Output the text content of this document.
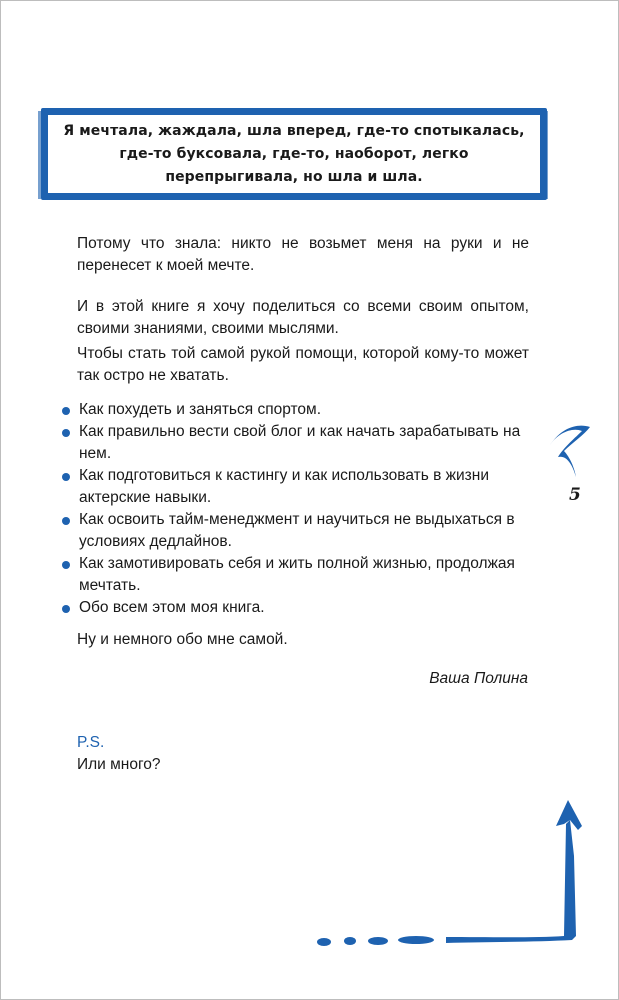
Я мечтала, жаждала, шла вперед, где-то спотыкалась,
где-то буксовала, где-то, наоборот, легко
перепрыгивала, но шла и шла.

Потому что знала: никто не возьмет меня на руки и не перенесет к моей мечте.

И в этой книге я хочу поделиться со всеми своим опытом, своими знаниями, своими мыслями.

Чтобы стать той самой рукой помощи, которой кому-то может так остро не хватать.

Как похудеть и заняться спортом.
Как правильно вести свой блог и как начать зарабатывать на нем.
Как подготовиться к кастингу и как использовать в жизни актерские навыки.
Как освоить тайм-менеджмент и научиться не выдыхаться в условиях дедлайнов.
Как замотивировать себя и жить полной жизнью, продолжая мечтать.
Обо всем этом моя книга.

Ну и немного обо мне самой.

Ваша Полина
P.S.
Или много?
5
